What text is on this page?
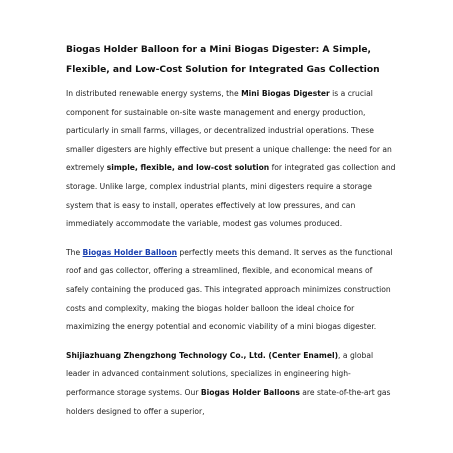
Biogas Holder Balloon for a Mini Biogas Digester: A Simple, Flexible, and Low-Cost Solution for Integrated Gas Collection

In distributed renewable energy systems, the Mini Biogas Digester is a crucial component for sustainable on-site waste management and energy production, particularly in small farms, villages, or decentralized industrial operations. These smaller digesters are highly effective but present a unique challenge: the need for an extremely simple, flexible, and low-cost solution for integrated gas collection and storage. Unlike large, complex industrial plants, mini digesters require a storage system that is easy to install, operates effectively at low pressures, and can immediately accommodate the variable, modest gas volumes produced.

The Biogas Holder Balloon perfectly meets this demand. It serves as the functional roof and gas collector, offering a streamlined, flexible, and economical means of safely containing the produced gas. This integrated approach minimizes construction costs and complexity, making the biogas holder balloon the ideal choice for maximizing the energy potential and economic viability of a mini biogas digester.

Shijiazhuang Zhengzhong Technology Co., Ltd. (Center Enamel), a global leader in advanced containment solutions, specializes in engineering high-performance storage systems. Our Biogas Holder Balloons are state-of-the-art gas holders designed to offer a superior,
